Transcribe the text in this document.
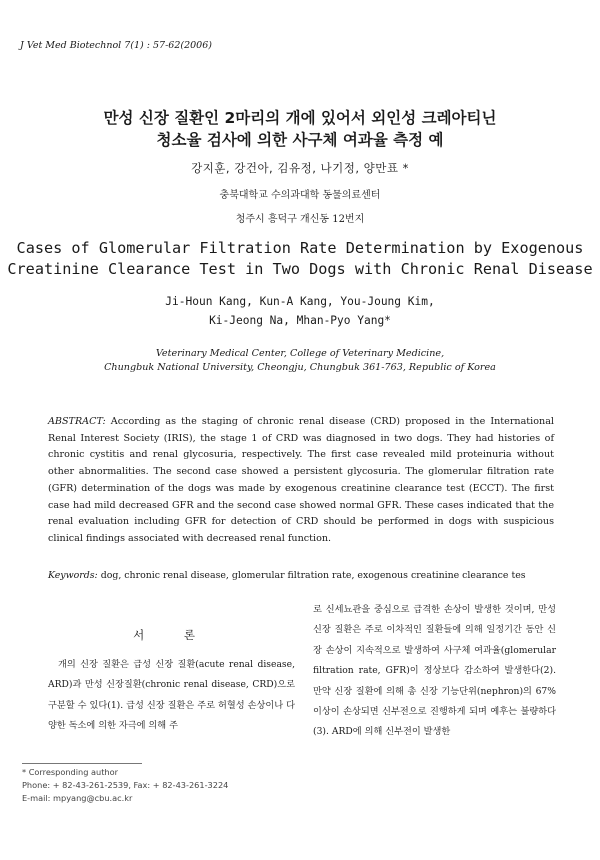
J Vet Med Biotechnol 7(1) : 57-62(2006)
만성 신장 질환인 2마리의 개에 있어서 외인성 크레아티닌
청소율 검사에 의한 사구체 여과율 측정 예
강지훈, 강건아, 김유정, 나기정, 양만표 *
충북대학교 수의과대학 동물의료센터
청주시 흥덕구 개신동 12번지
Cases of Glomerular Filtration Rate Determination by Exogenous
Creatinine Clearance Test in Two Dogs with Chronic Renal Disease
Ji-Houn Kang, Kun-A Kang, You-Joung Kim,
Ki-Jeong Na, Mhan-Pyo Yang*
Veterinary Medical Center, College of Veterinary Medicine,
Chungbuk National University, Cheongju, Chungbuk 361-763, Republic of Korea
ABSTRACT: According as the staging of chronic renal disease (CRD) proposed in the International Renal Interest Society (IRIS), the stage 1 of CRD was diagnosed in two dogs. They had histories of chronic cystitis and renal glycosuria, respectively. The first case revealed mild proteinuria without other abnormalities. The second case showed a persistent glycosuria. The glomerular filtration rate (GFR) determination of the dogs was made by exogenous creatinine clearance test (ECCT). The first case had mild decreased GFR and the second case showed normal GFR. These cases indicated that the renal evaluation including GFR for detection of CRD should be performed in dogs with suspicious clinical findings associated with decreased renal function.
Keywords: dog, chronic renal disease, glomerular filtration rate, exogenous creatinine clearance tes
서 론
개의 신장 질환은 급성 신장 질환(acute renal disease, ARD)과 만성 신장질환(chronic renal disease, CRD)으로 구분할 수 있다(1). 급성 신장 질환은 주로 허혈성 손상이나 다양한 독소에 의한 자극에 의해 주
로 신세뇨관을 중심으로 급격한 손상이 발생한 것이며, 만성 신장 질환은 주로 이차적인 질환들에 의해 일정기간 동안 신장 손상이 지속적으로 발생하여 사구체 여과율(glomerular filtration rate, GFR)이 정상보다 감소하여 발생한다(2). 만약 신장 질환에 의해 총 신장 기능단위(nephron)의 67% 이상이 손상되면 신부전으로 진행하게 되며 예후는 불량하다(3). ARD에 의해 신부전이 발생한
* Corresponding author
Phone: + 82-43-261-2539, Fax: + 82-43-261-3224
E-mail: mpyang@cbu.ac.kr
